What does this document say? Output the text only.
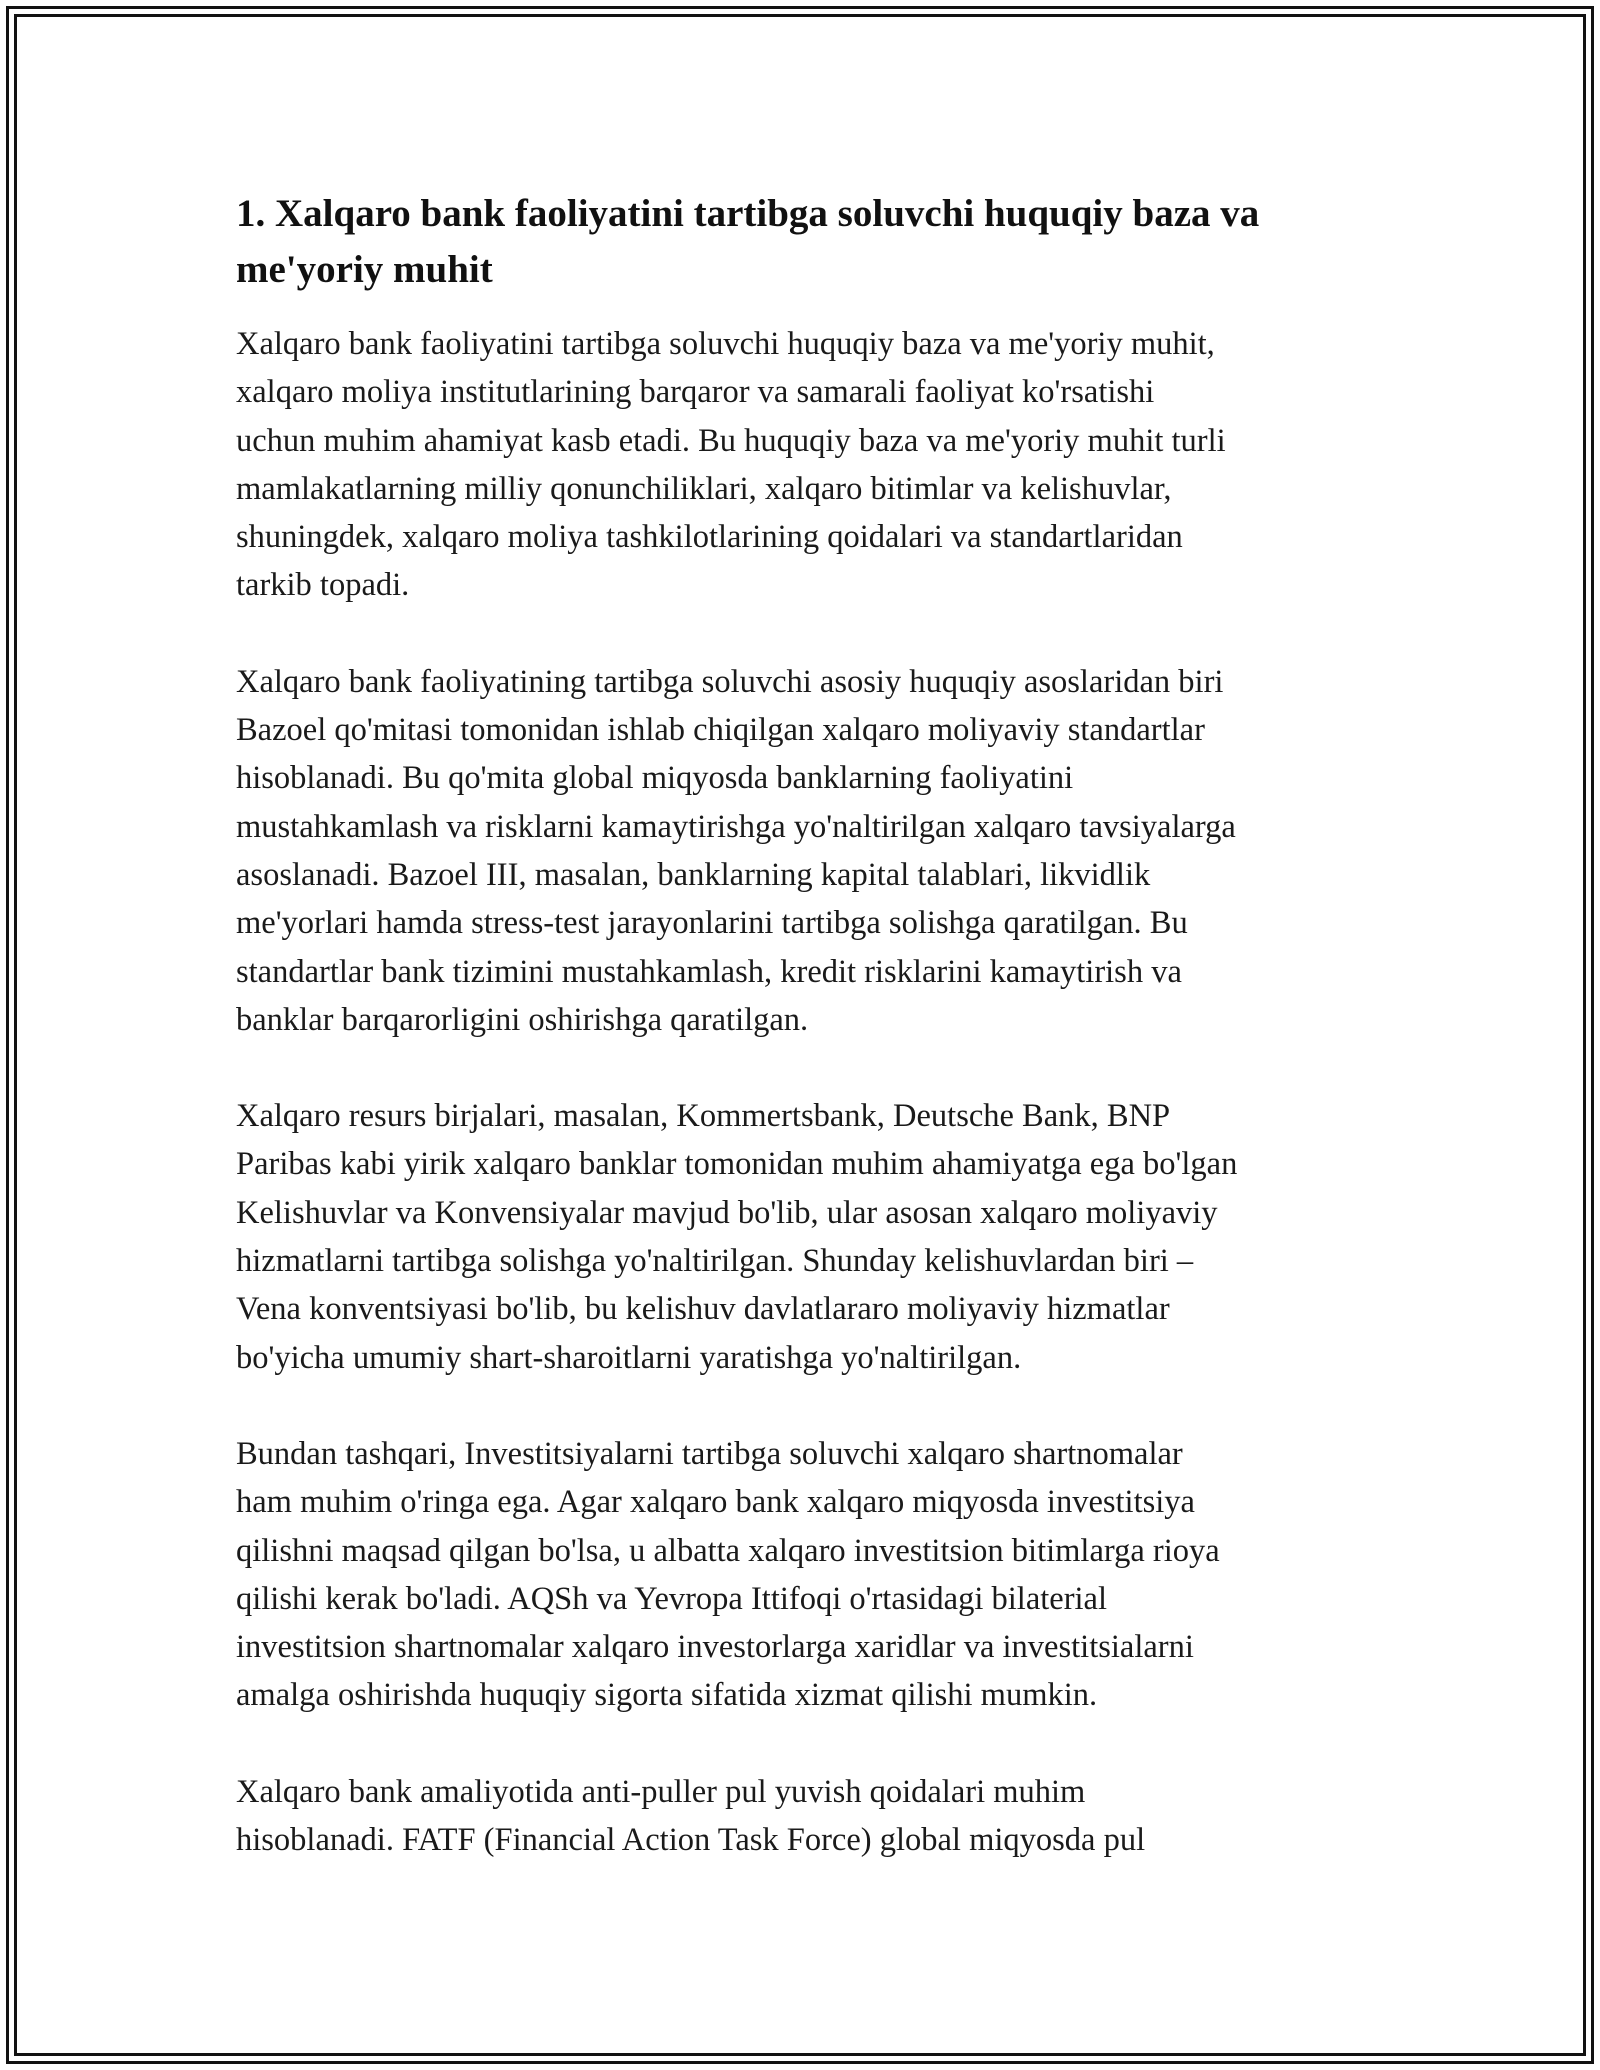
1. Xalqaro bank faoliyatini tartibga soluvchi huquqiy baza va
me'yoriy muhit

Xalqaro bank faoliyatini tartibga soluvchi huquqiy baza va me'yoriy muhit,
xalqaro moliya institutlarining barqaror va samarali faoliyat ko'rsatishi
uchun muhim ahamiyat kasb etadi. Bu huquqiy baza va me'yoriy muhit turli
mamlakatlarning milliy qonunchiliklari, xalqaro bitimlar va kelishuvlar,
shuningdek, xalqaro moliya tashkilotlarining qoidalari va standartlaridan
tarkib topadi.

Xalqaro bank faoliyatining tartibga soluvchi asosiy huquqiy asoslaridan biri
Bazoel qo'mitasi tomonidan ishlab chiqilgan xalqaro moliyaviy standartlar
hisoblanadi. Bu qo'mita global miqyosda banklarning faoliyatini
mustahkamlash va risklarni kamaytirishga yo'naltirilgan xalqaro tavsiyalarga
asoslanadi. Bazoel III, masalan, banklarning kapital talablari, likvidlik
me'yorlari hamda stress-test jarayonlarini tartibga solishga qaratilgan. Bu
standartlar bank tizimini mustahkamlash, kredit risklarini kamaytirish va
banklar barqarorligini oshirishga qaratilgan.

Xalqaro resurs birjalari, masalan, Kommertsbank, Deutsche Bank, BNP
Paribas kabi yirik xalqaro banklar tomonidan muhim ahamiyatga ega bo'lgan
Kelishuvlar va Konvensiyalar mavjud bo'lib, ular asosan xalqaro moliyaviy
hizmatlarni tartibga solishga yo'naltirilgan. Shunday kelishuvlardan biri –
Vena konventsiyasi bo'lib, bu kelishuv davlatlararo moliyaviy hizmatlar
bo'yicha umumiy shart-sharoitlarni yaratishga yo'naltirilgan.

Bundan tashqari, Investitsiyalarni tartibga soluvchi xalqaro shartnomalar
ham muhim o'ringa ega. Agar xalqaro bank xalqaro miqyosda investitsiya
qilishni maqsad qilgan bo'lsa, u albatta xalqaro investitsion bitimlarga rioya
qilishi kerak bo'ladi. AQSh va Yevropa Ittifoqi o'rtasidagi bilaterial
investitsion shartnomalar xalqaro investorlarga xaridlar va investitsialarni
amalga oshirishda huquqiy sigorta sifatida xizmat qilishi mumkin.

Xalqaro bank amaliyotida anti-puller pul yuvish qoidalari muhim
hisoblanadi. FATF (Financial Action Task Force) global miqyosda pul
